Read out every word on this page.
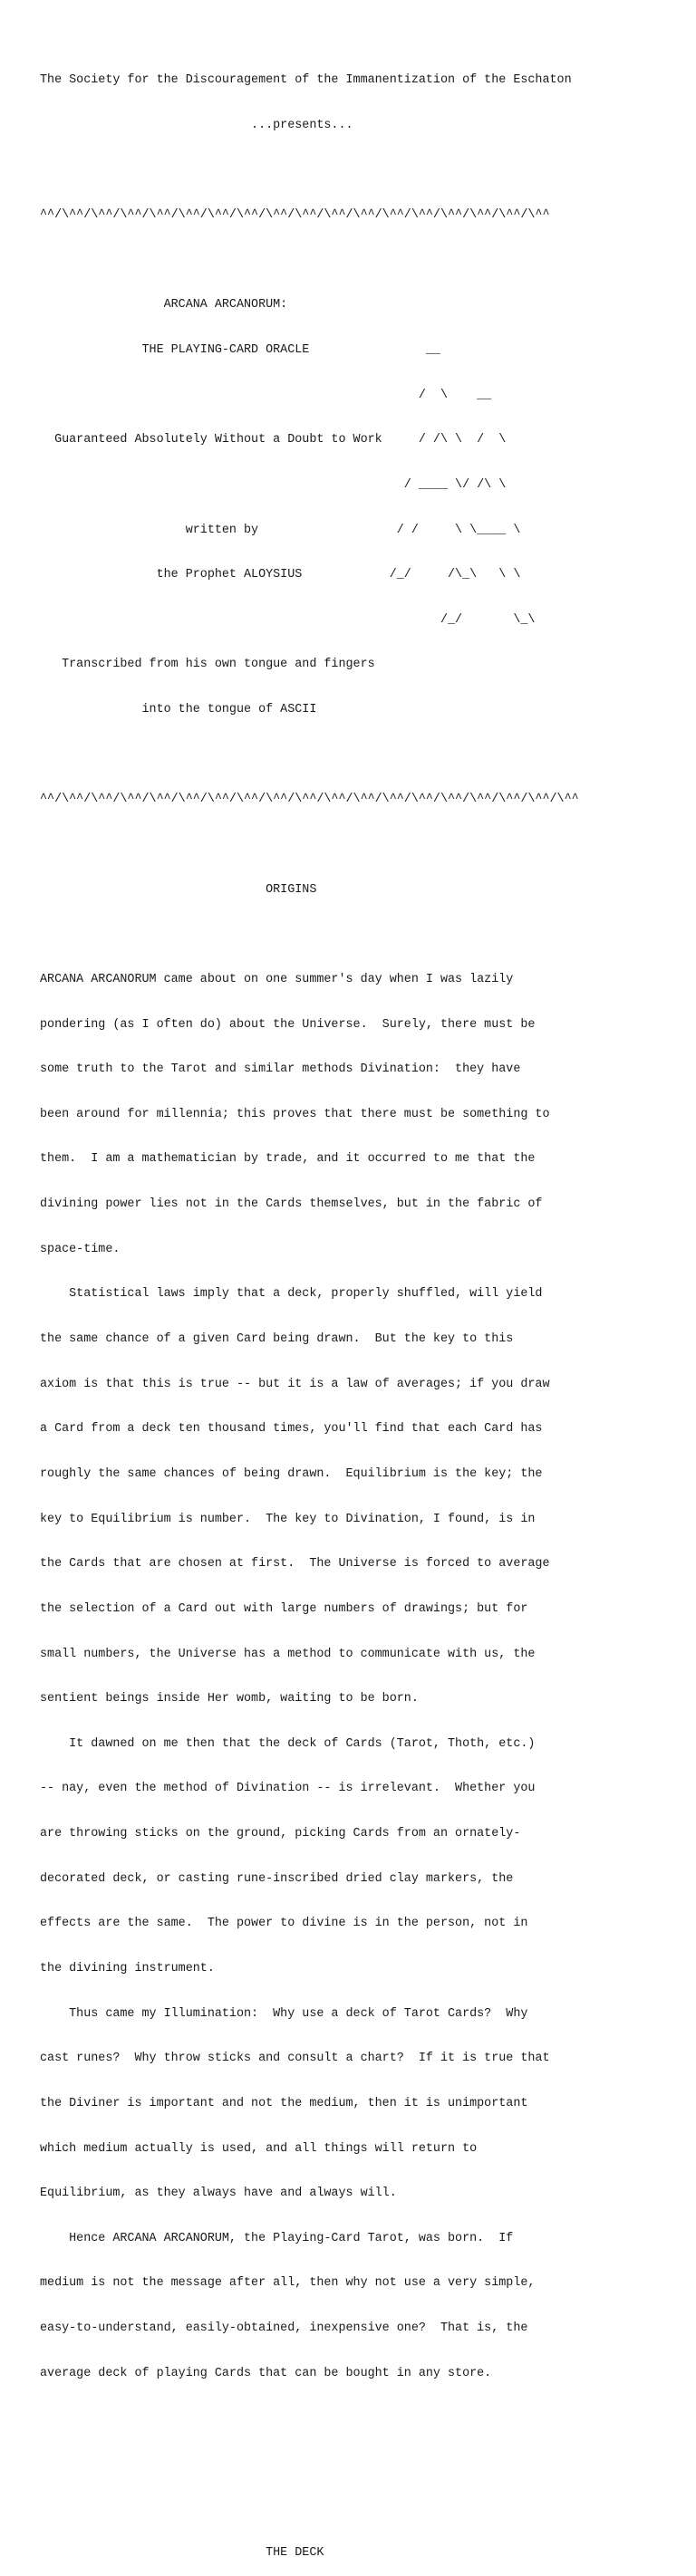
The Society for the Discouragement of the Immanentization of the Eschaton

...presents...

^^/\^^/\^^/\^^/\^^/\^^/\^^/\^^/\^^/\^^/\^^/\^^/\^^/\^^/\^^/\^^/\^^/\^^

ARCANA ARCANORUM:

THE PLAYING-CARD ORACLE                __

/  \    __

Guaranteed Absolutely Without a Doubt to Work     / /\ \  /  \

/ ____ \/ /\ \

written by                   / /     \ \____ \

the Prophet ALOYSIUS            /_/     /\_\   \ \

/_/       \_\

Transcribed from his own tongue and fingers

into the tongue of ASCII

^^/\^^/\^^/\^^/\^^/\^^/\^^/\^^/\^^/\^^/\^^/\^^/\^^/\^^/\^^/\^^/\^^/\^^/\^^

ORIGINS

ARCANA ARCANORUM came about on one summer's day when I was lazily

pondering (as I often do) about the Universe.  Surely, there must be

some truth to the Tarot and similar methods Divination:  they have

been around for millennia; this proves that there must be something to

them.  I am a mathematician by trade, and it occurred to me that the

divining power lies not in the Cards themselves, but in the fabric of

space-time.

Statistical laws imply that a deck, properly shuffled, will yield

the same chance of a given Card being drawn.  But the key to this

axiom is that this is true -- but it is a law of averages; if you draw

a Card from a deck ten thousand times, you'll find that each Card has

roughly the same chances of being drawn.  Equilibrium is the key; the

key to Equilibrium is number.  The key to Divination, I found, is in

the Cards that are chosen at first.  The Universe is forced to average

the selection of a Card out with large numbers of drawings; but for

small numbers, the Universe has a method to communicate with us, the

sentient beings inside Her womb, waiting to be born.

It dawned on me then that the deck of Cards (Tarot, Thoth, etc.)

-- nay, even the method of Divination -- is irrelevant.  Whether you

are throwing sticks on the ground, picking Cards from an ornately-

decorated deck, or casting rune-inscribed dried clay markers, the

effects are the same.  The power to divine is in the person, not in

the divining instrument.

Thus came my Illumination:  Why use a deck of Tarot Cards?  Why

cast runes?  Why throw sticks and consult a chart?  If it is true that

the Diviner is important and not the medium, then it is unimportant

which medium actually is used, and all things will return to

Equilibrium, as they always have and always will.

Hence ARCANA ARCANORUM, the Playing-Card Tarot, was born.  If

medium is not the message after all, then why not use a very simple,

easy-to-understand, easily-obtained, inexpensive one?  That is, the

average deck of playing Cards that can be bought in any store.

THE DECK
